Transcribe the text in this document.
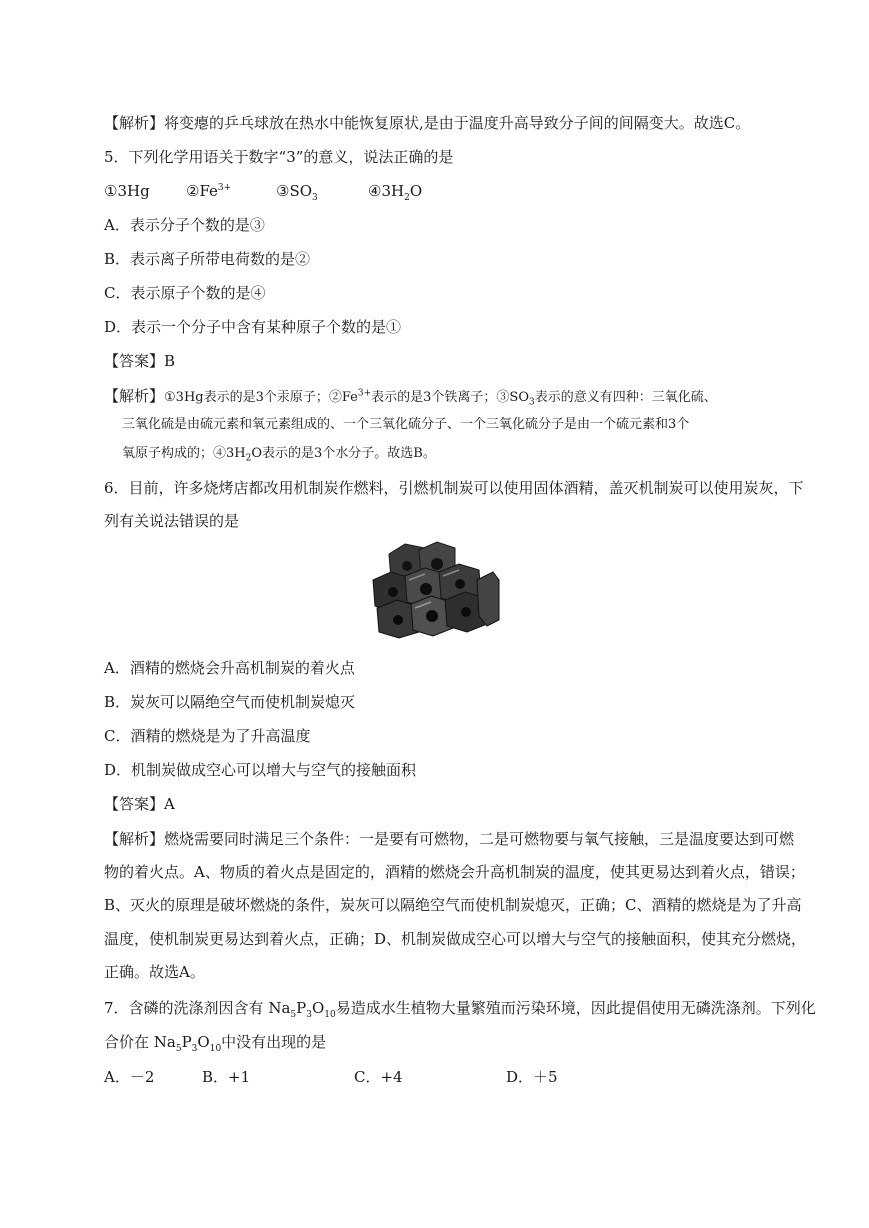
【解析】将变瘪的乒乓球放在热水中能恢复原状,是由于温度升高导致分子间的间隔变大。故选C。
5．下列化学用语关于数字“3”的意义，说法正确的是
①3Hg $②Fe^{3+}$	$③SO_3$	$④3H_2O$
A．表示分子个数的是③
B．表示离子所带电荷数的是②
C．表示原子个数的是④
D．表示一个分子中含有某种原子个数的是①
【答案】B
【解析】①3Hg表示的是3个汞原子；$②Fe^{3+}$表示的是3个铁离子；$③SO_3$表示的意义有四种：三氧化硫、
三氧化硫是由硫元素和氧元素组成的、一个三氧化硫分子、一个三氧化硫分子是由一个硫元素和3个
氧原子构成的；$④3H_2O$表示的是3个水分子。故选B。
6．目前，许多烧烤店都改用机制炭作燃料，引燃机制炭可以使用固体酒精，盖灭机制炭可以使用炭灰，下
列有关说法错误的是
A．酒精的燃烧会升高机制炭的着火点
B．炭灰可以隔绝空气而使机制炭熄灭
C．酒精的燃烧是为了升高温度
D．机制炭做成空心可以增大与空气的接触面积
【答案】A
【解析】燃烧需要同时满足三个条件：一是要有可燃物，二是可燃物要与氧气接触，三是温度要达到可燃
物的着火点。A、物质的着火点是固定的，酒精的燃烧会升高机制炭的温度，使其更易达到着火点，错误；
B、灭火的原理是破坏燃烧的条件，炭灰可以隔绝空气而使机制炭熄灭，正确；C、酒精的燃烧是为了升高
温度，使机制炭更易达到着火点，正确；D、机制炭做成空心可以增大与空气的接触面积，使其充分燃烧，
正确。故选A。
7．含磷的洗涤剂因含有 $Na_5P_3O_{10}$易造成水生植物大量繁殖而污染环境，因此提倡使用无磷洗涤剂。下列化
合价在 $Na_5P_3O_{10}$中没有出现的是
A．－2	B．+1	C．+4	D．＋5
